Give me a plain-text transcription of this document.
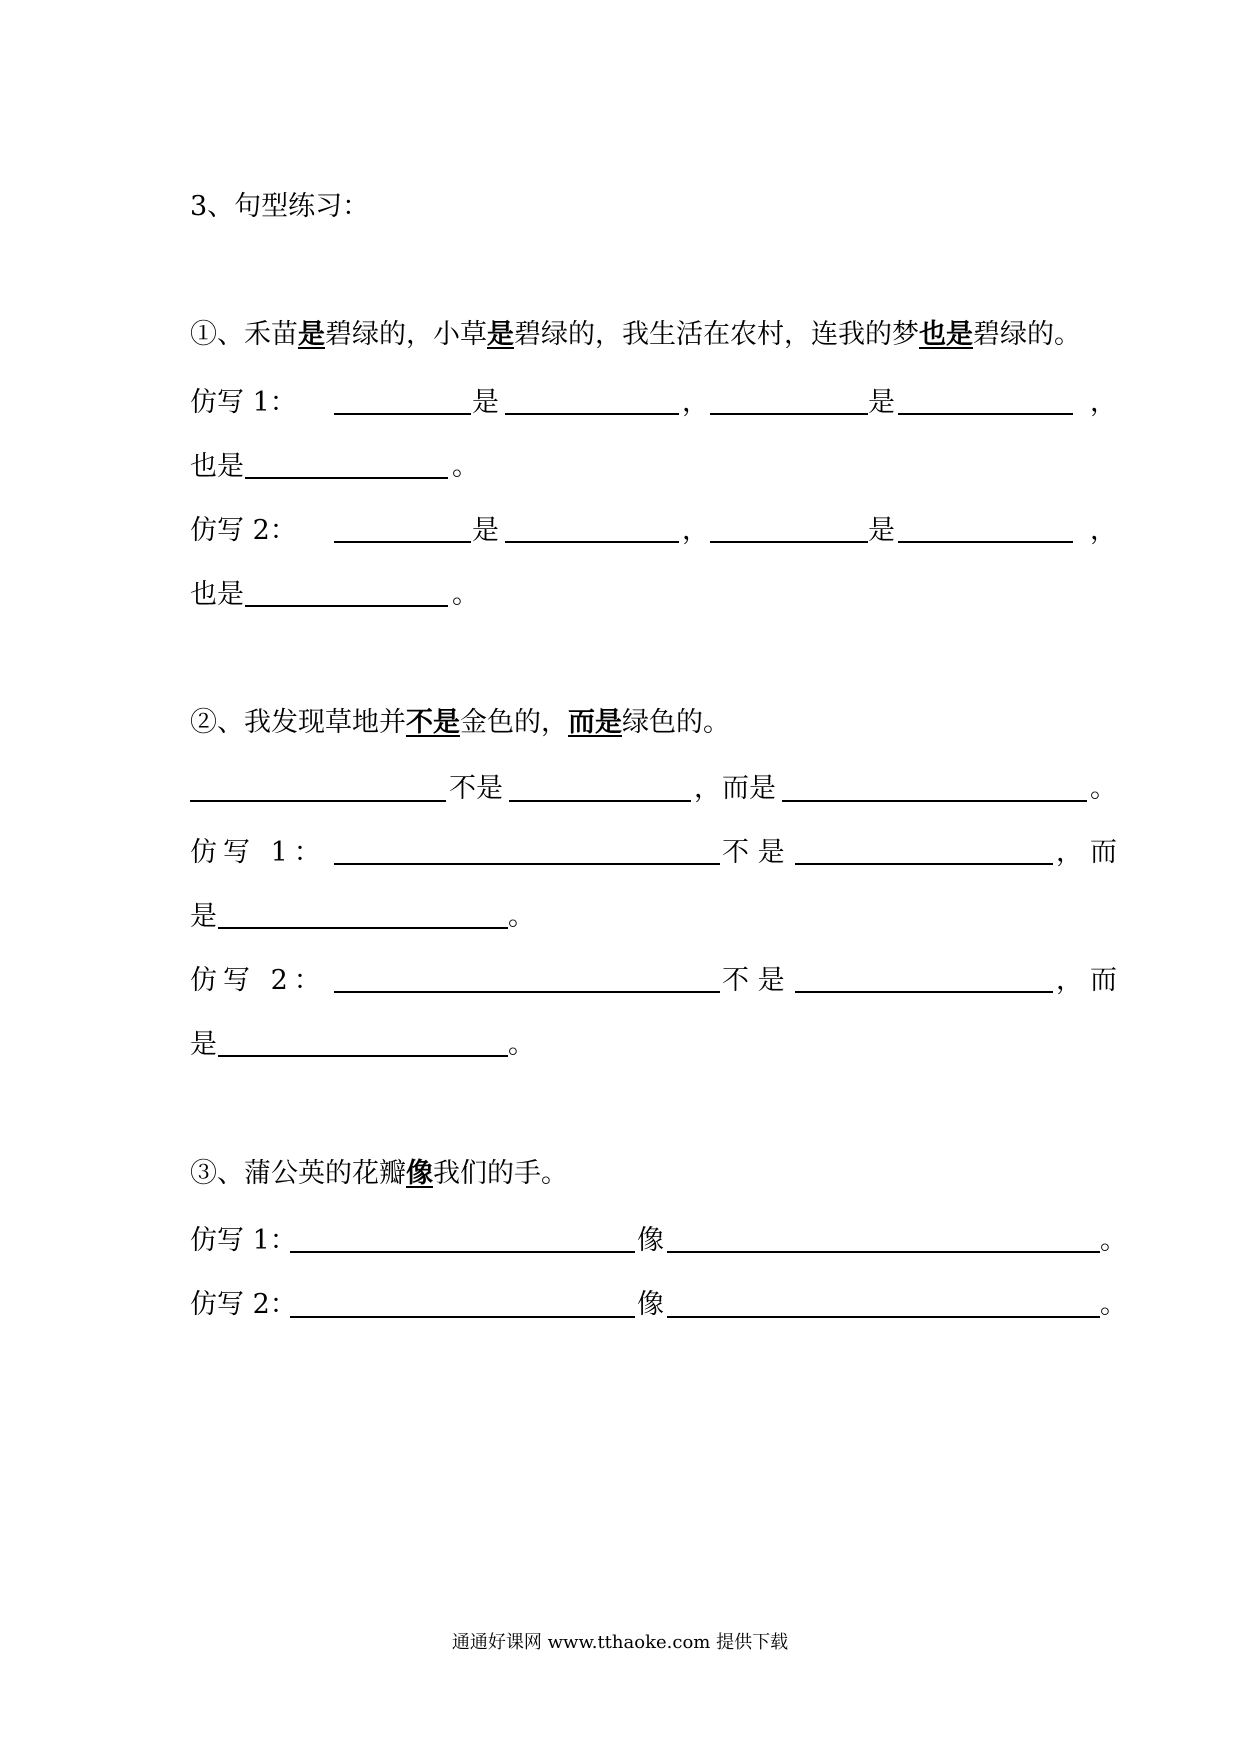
3、句型练习：
①、禾苗是碧绿的，小草是碧绿的，我生活在农村，连我的梦也是碧绿的。
仿写 1：	是	，	是	，
也是	。
仿写 2：	是	，	是	，
也是	。
②、我发现草地并不是金色的，而是绿色的。
不是	， 而是	。
仿写 1：	不 是	， 而
是	。
仿写 2：	不 是	， 而
是	。
③、蒲公英的花瓣像我们的手。
仿写 1：	像	。
仿写 2：	像	。
通通好课网 www.tthaoke.com 提供下载
